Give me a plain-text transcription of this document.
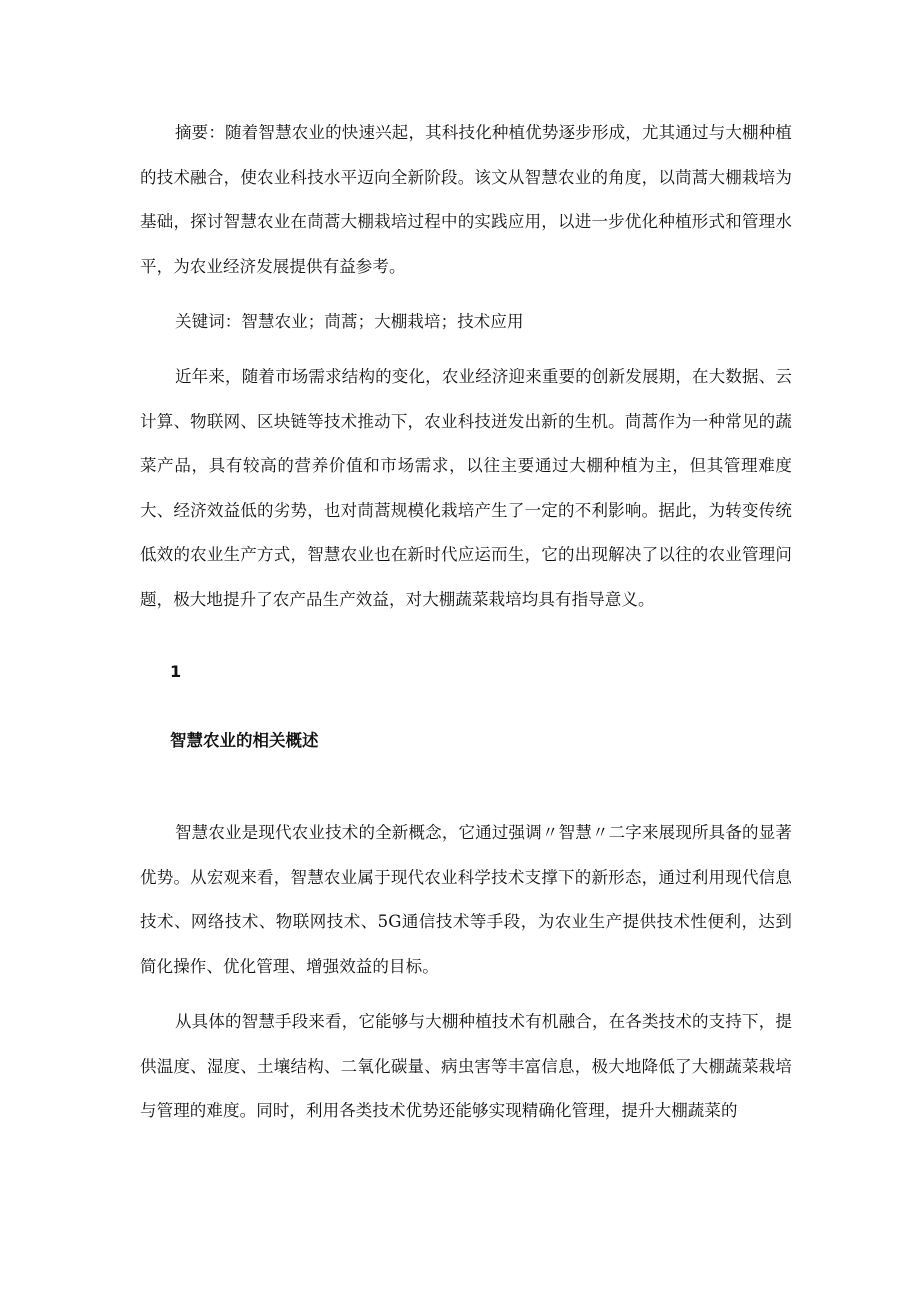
摘要：随着智慧农业的快速兴起，其科技化种植优势逐步形成，尤其通过与大棚种植的技术融合，使农业科技水平迈向全新阶段。该文从智慧农业的角度，以茼蒿大棚栽培为基础，探讨智慧农业在茼蒿大棚栽培过程中的实践应用，以进一步优化种植形式和管理水平，为农业经济发展提供有益参考。

关键词：智慧农业；茼蒿；大棚栽培；技术应用

近年来，随着市场需求结构的变化，农业经济迎来重要的创新发展期，在大数据、云计算、物联网、区块链等技术推动下，农业科技迸发出新的生机。茼蒿作为一种常见的蔬菜产品，具有较高的营养价值和市场需求，以往主要通过大棚种植为主，但其管理难度大、经济效益低的劣势，也对茼蒿规模化栽培产生了一定的不利影响。据此，为转变传统低效的农业生产方式，智慧农业也在新时代应运而生，它的出现解决了以往的农业管理问题，极大地提升了农产品生产效益，对大棚蔬菜栽培均具有指导意义。

1

智慧农业的相关概述

智慧农业是现代农业技术的全新概念，它通过强调〃智慧〃二字来展现所具备的显著优势。从宏观来看，智慧农业属于现代农业科学技术支撑下的新形态，通过利用现代信息技术、网络技术、物联网技术、5G通信技术等手段，为农业生产提供技术性便利，达到简化操作、优化管理、增强效益的目标。

从具体的智慧手段来看，它能够与大棚种植技术有机融合，在各类技术的支持下，提供温度、湿度、土壤结构、二氧化碳量、病虫害等丰富信息，极大地降低了大棚蔬菜栽培与管理的难度。同时，利用各类技术优势还能够实现精确化管理，提升大棚蔬菜的
